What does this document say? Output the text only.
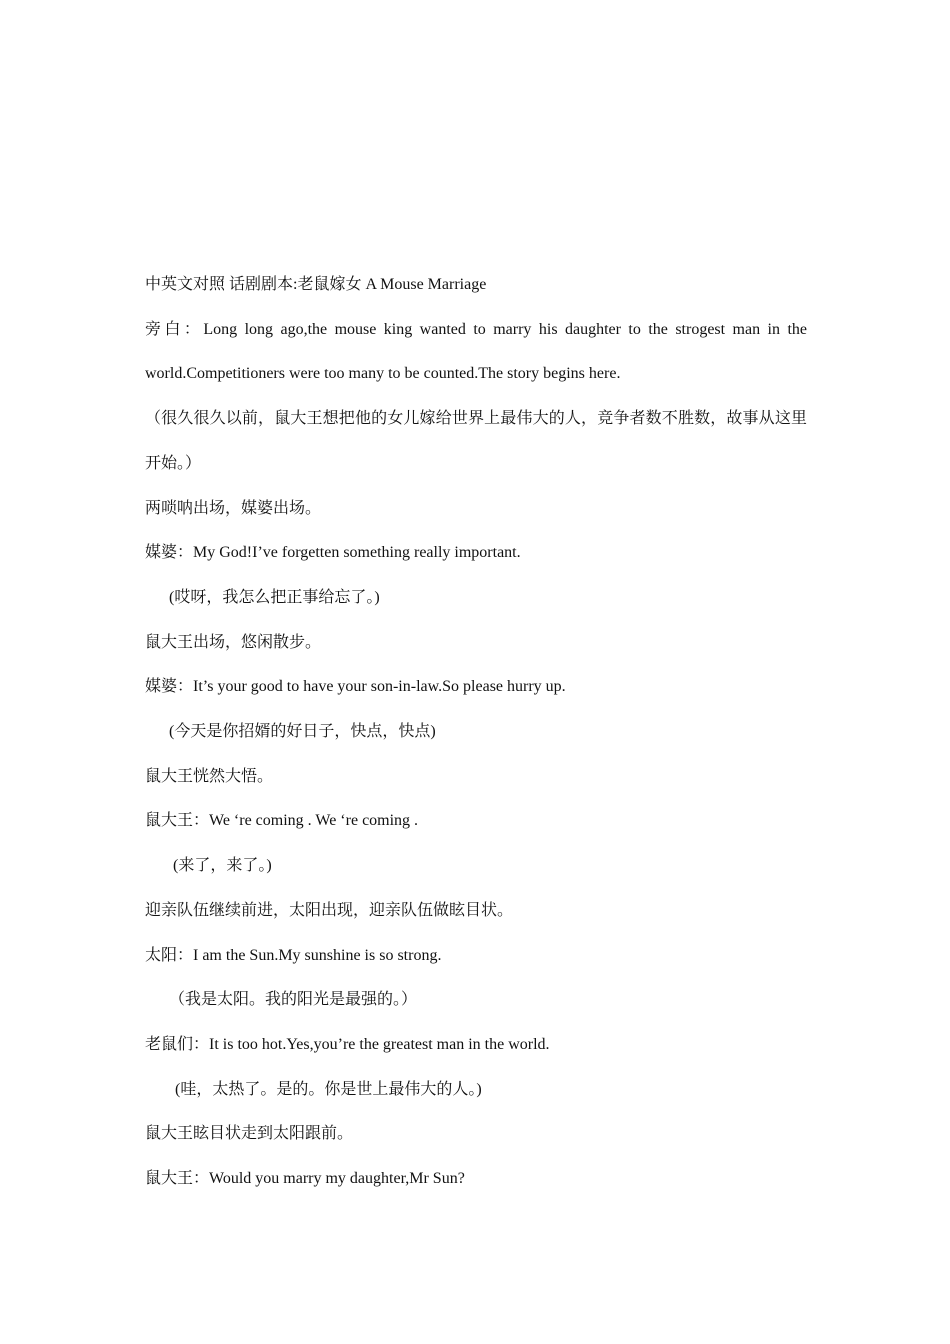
中英文对照 话剧剧本:老鼠嫁女 A Mouse Marriage
旁白：Long long ago,the mouse king wanted to marry his daughter to the strogest man in the world.Competitioners were too many to be counted.The story begins here.
（很久很久以前，鼠大王想把他的女儿嫁给世界上最伟大的人，竞争者数不胜数，故事从这里开始。）
两唢呐出场，媒婆出场。
媒婆：My God!I’ve forgetten something really important.
(哎呀，我怎么把正事给忘了。)
鼠大王出场，悠闲散步。
媒婆：It’s your good to have your son-in-law.So please hurry up.
(今天是你招婿的好日子，快点，快点)
鼠大王恍然大悟。
鼠大王：We ‘re coming . We ‘re coming .
(来了，来了。)
迎亲队伍继续前进，太阳出现，迎亲队伍做眩目状。
太阳：I am the Sun.My sunshine is so strong.
（我是太阳。我的阳光是最强的。）
老鼠们：It is too hot.Yes,you’re the greatest man in the world.
(哇，太热了。是的。你是世上最伟大的人。)
鼠大王眩目状走到太阳跟前。
鼠大王：Would you marry my daughter,Mr Sun?
